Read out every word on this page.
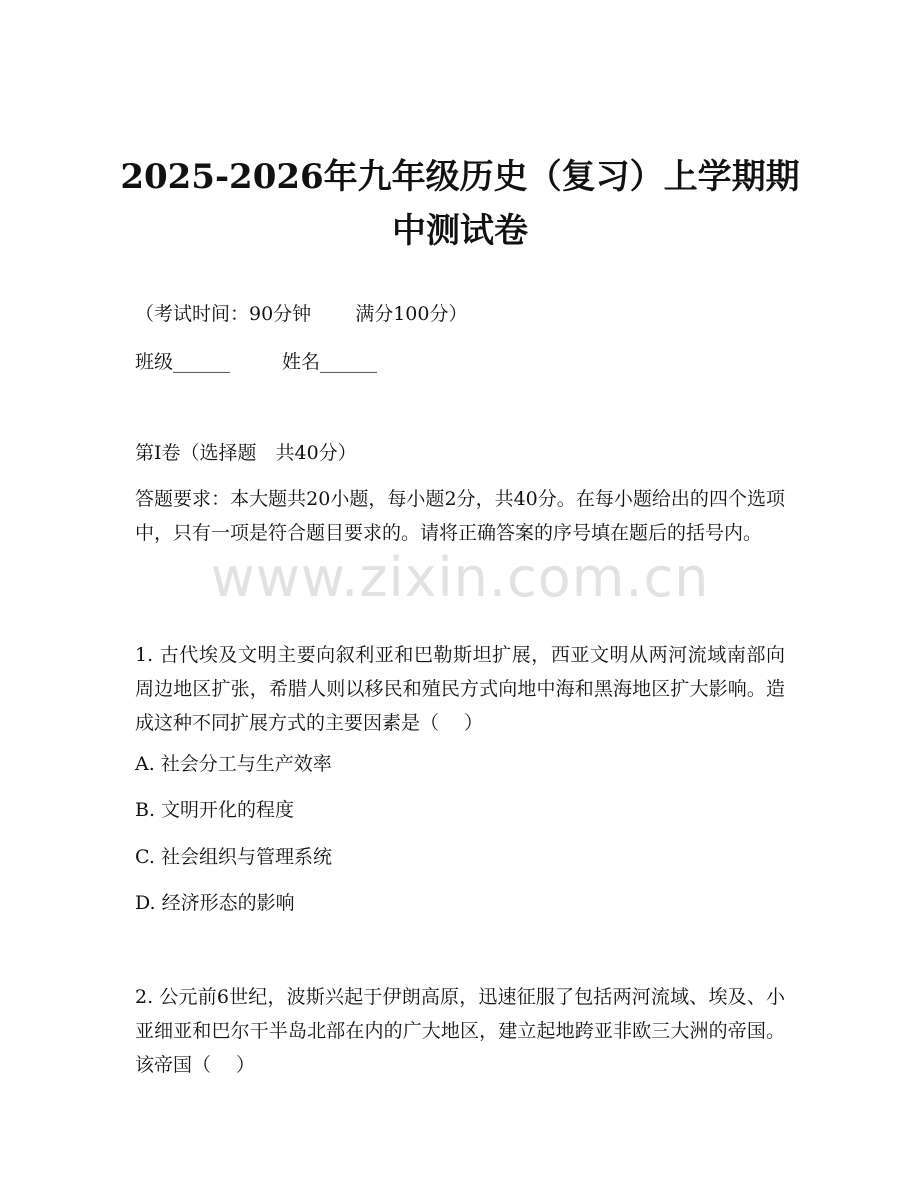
2025-2026年九年级历史（复习）上学期期
中测试卷
（考试时间：90分钟 满分100分）
班级______	姓名______
第Ⅰ卷（选择题　共40分）
答题要求：本大题共20小题，每小题2分，共40分。在每小题给出的四个选项中，只有一项是符合题目要求的。请将正确答案的序号填在题后的括号内。
www.zixin.com.cn
1. 古代埃及文明主要向叙利亚和巴勒斯坦扩展，西亚文明从两河流域南部向周边地区扩张，希腊人则以移民和殖民方式向地中海和黑海地区扩大影响。造成这种不同扩展方式的主要因素是（　 ）
A. 社会分工与生产效率
B. 文明开化的程度
C. 社会组织与管理系统
D. 经济形态的影响
2. 公元前6世纪，波斯兴起于伊朗高原，迅速征服了包括两河流域、埃及、小亚细亚和巴尔干半岛北部在内的广大地区，建立起地跨亚非欧三大洲的帝国。该帝国（　 ）
